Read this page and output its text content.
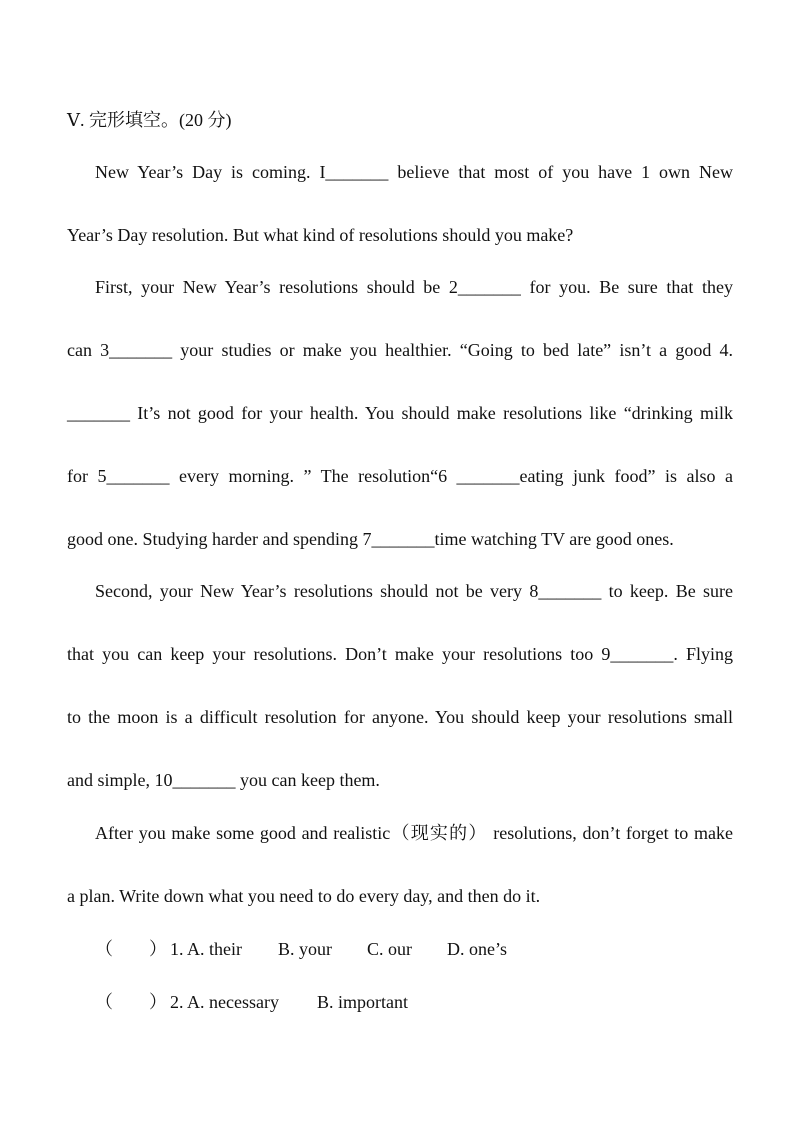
Ⅴ. 完形填空。(20 分)
New Year’s Day is coming. I_______ believe that most of you have 1 own New
Year’s Day resolution. But what kind of resolutions should you make?
First, your New Year’s resolutions should be 2_______ for you. Be sure that they
can 3_______ your studies or make you healthier. “Going to bed late” isn’t a good 4.
_______ It’s not good for your health. You should make resolutions like “drinking milk
for 5_______ every morning. ” The resolution“6 _______eating junk food” is also a
good one. Studying harder and spending 7_______time watching TV are good ones.
Second, your New Year’s resolutions should not be very 8_______ to keep. Be sure
that you can keep your resolutions. Don’t make your resolutions too 9_______. Flying
to the moon is a difficult resolution for anyone. You should keep your resolutions small
and simple, 10_______ you can keep them.
After you make some good and realistic（现实的） resolutions, don’t forget to make
a plan. Write down what you need to do every day, and then do it.
（　　） 1. A. their B. your C. our D. one’s
（　　） 2. A. necessary B. important
